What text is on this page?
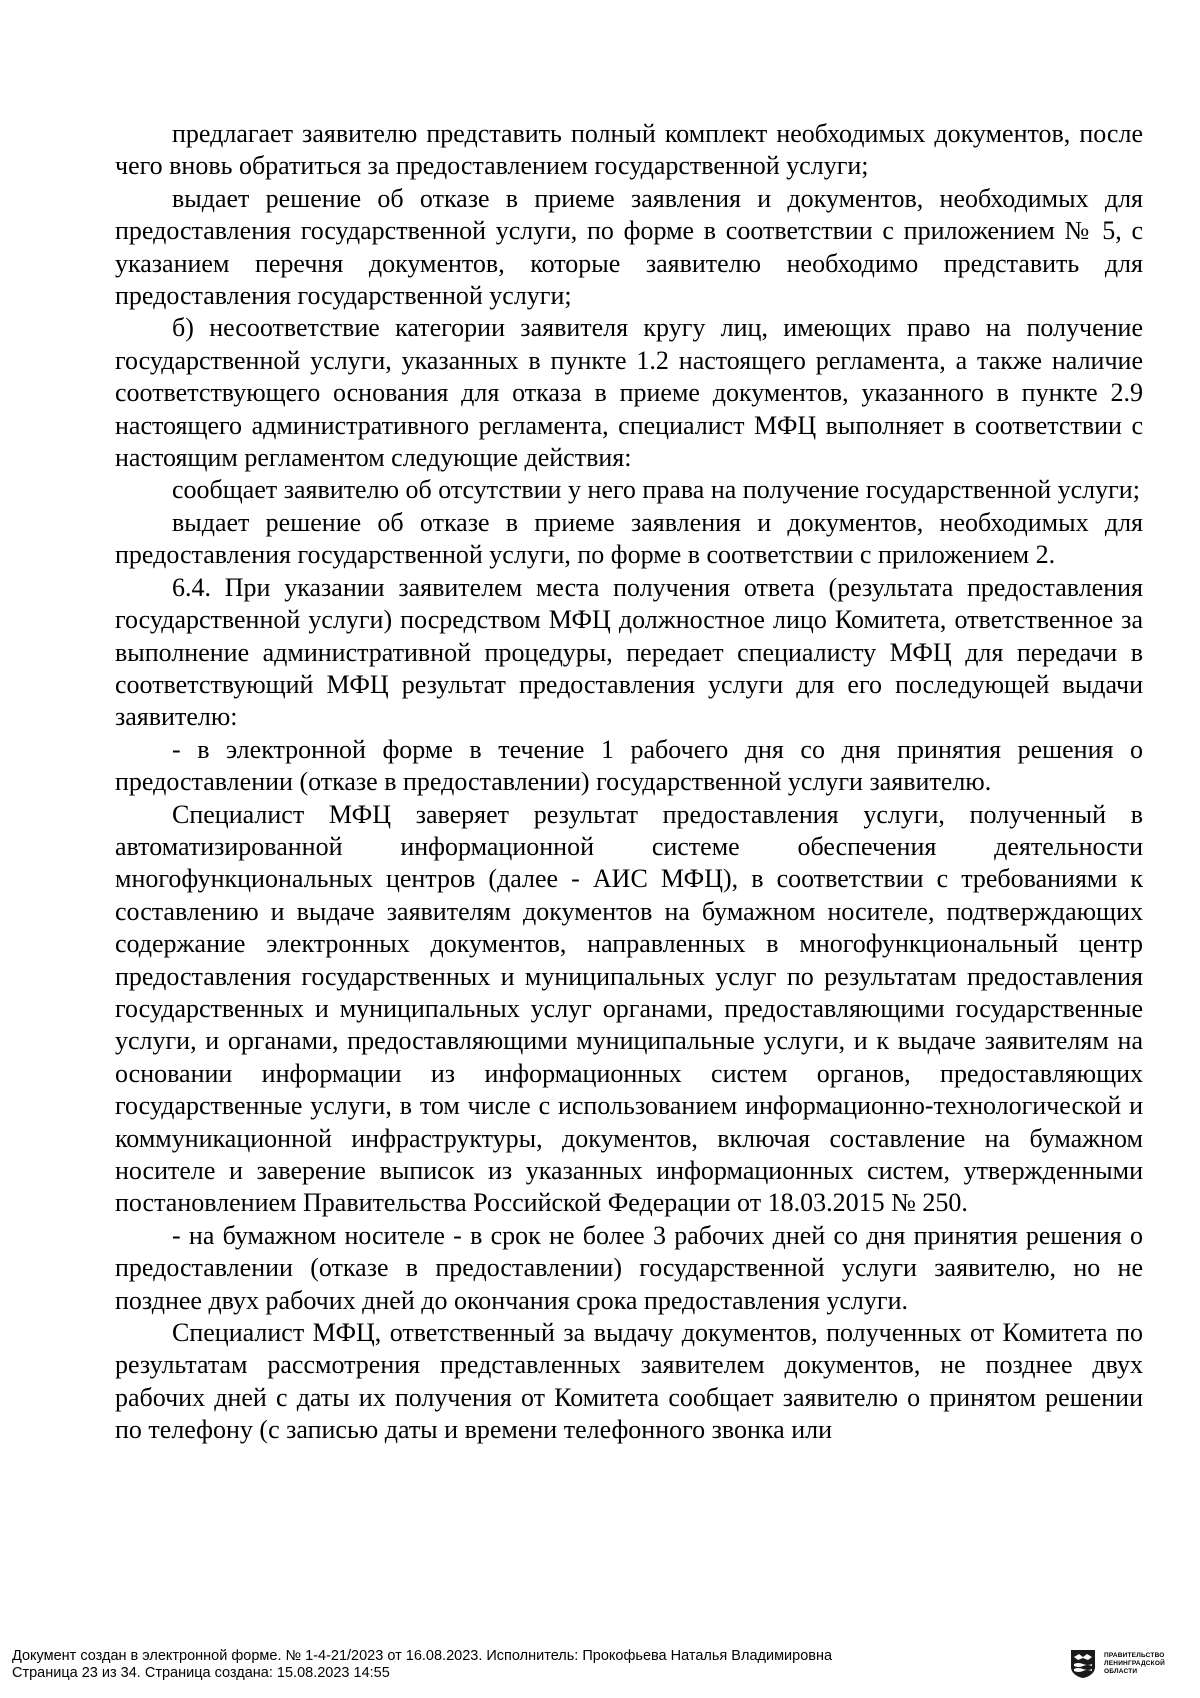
предлагает заявителю представить полный комплект необходимых документов, после чего вновь обратиться за предоставлением государственной услуги;

выдает решение об отказе в приеме заявления и документов, необходимых для предоставления государственной услуги, по форме в соответствии с приложением № 5, с указанием перечня документов, которые заявителю необходимо представить для предоставления государственной услуги;

б) несоответствие категории заявителя кругу лиц, имеющих право на получение государственной услуги, указанных в пункте 1.2 настоящего регламента, а также наличие соответствующего основания для отказа в приеме документов, указанного в пункте 2.9 настоящего административного регламента, специалист МФЦ выполняет в соответствии с настоящим регламентом следующие действия:

сообщает заявителю об отсутствии у него права на получение государственной услуги;

выдает решение об отказе в приеме заявления и документов, необходимых для предоставления государственной услуги, по форме в соответствии с приложением 2.

6.4. При указании заявителем места получения ответа (результата предоставления государственной услуги) посредством МФЦ должностное лицо Комитета, ответственное за выполнение административной процедуры, передает специалисту МФЦ для передачи в соответствующий МФЦ результат предоставления услуги для его последующей выдачи заявителю:

- в электронной форме в течение 1 рабочего дня со дня принятия решения о предоставлении (отказе в предоставлении) государственной услуги заявителю.

Специалист МФЦ заверяет результат предоставления услуги, полученный в автоматизированной информационной системе обеспечения деятельности многофункциональных центров (далее - АИС МФЦ), в соответствии с требованиями к составлению и выдаче заявителям документов на бумажном носителе, подтверждающих содержание электронных документов, направленных в многофункциональный центр предоставления государственных и муниципальных услуг по результатам предоставления государственных и муниципальных услуг органами, предоставляющими государственные услуги, и органами, предоставляющими муниципальные услуги, и к выдаче заявителям на основании информации из информационных систем органов, предоставляющих государственные услуги, в том числе с использованием информационно-технологической и коммуникационной инфраструктуры, документов, включая составление на бумажном носителе и заверение выписок из указанных информационных систем, утвержденными постановлением Правительства Российской Федерации от 18.03.2015 № 250.

- на бумажном носителе - в срок не более 3 рабочих дней со дня принятия решения о предоставлении (отказе в предоставлении) государственной услуги заявителю, но не позднее двух рабочих дней до окончания срока предоставления услуги.

Специалист МФЦ, ответственный за выдачу документов, полученных от Комитета по результатам рассмотрения представленных заявителем документов, не позднее двух рабочих дней с даты их получения от Комитета сообщает заявителю о принятом решении по телефону (с записью даты и времени телефонного звонка или

Документ создан в электронной форме. № 1-4-21/2023 от 16.08.2023. Исполнитель: Прокофьева Наталья Владимировна
Страница 23 из 34. Страница создана: 15.08.2023 14:55
ПРАВИТЕЛЬСТВО
ЛЕНИНГРАДСКОЙ
ОБЛАСТИ
